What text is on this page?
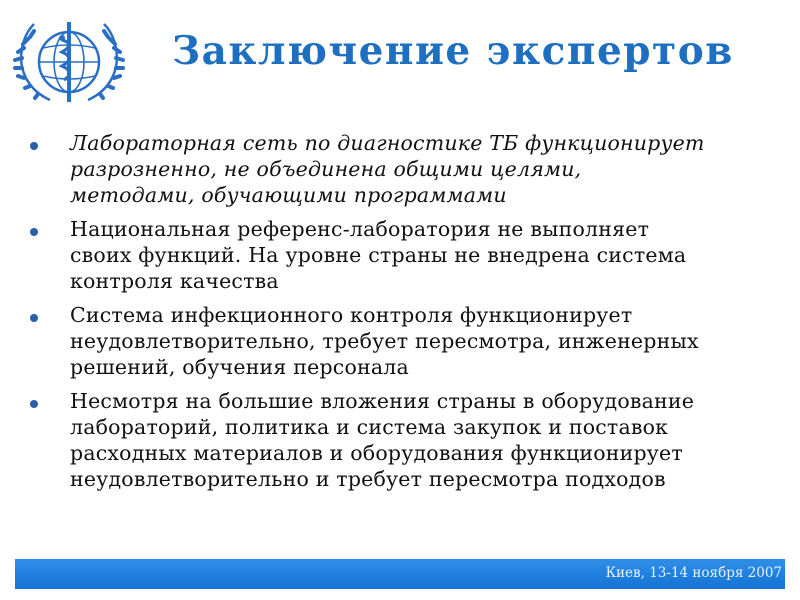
Заключение экспертов
Лабораторная сеть по диагностике ТБ функционирует
разрозненно, не объединена общими целями,
методами, обучающими программами
Национальная референс-лаборатория не выполняет
своих функций. На уровне страны не внедрена система
контроля качества
Система инфекционного контроля функционирует
неудовлетворительно, требует пересмотра, инженерных
решений, обучения персонала
Несмотря на большие вложения страны в оборудование
лабораторий, политика и система закупок и поставок
расходных материалов и оборудования функционирует
неудовлетворительно и требует пересмотра подходов
Киев, 13-14 ноября 2007
